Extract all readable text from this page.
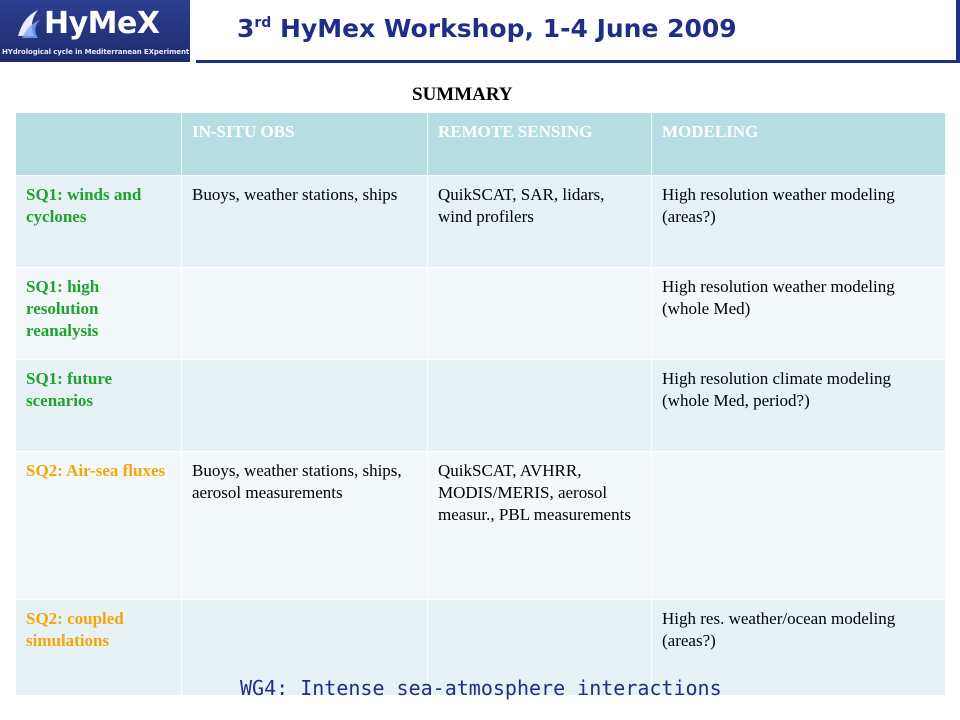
HyMeX
HYdrological cycle in Mediterranean EXperiment
3rd HyMex Workshop, 1-4 June 2009
SUMMARY
	IN-SITU OBS	REMOTE SENSING	MODELING
SQ1: winds and cyclones	Buoys, weather stations, ships	QuikSCAT, SAR, lidars, wind profilers	High resolution weather modeling
(areas?)
SQ1: high resolution reanalysis			High resolution weather modeling (whole Med)
SQ1: future scenarios			High resolution climate modeling
(whole Med, period?)
SQ2: Air-sea fluxes	Buoys, weather stations, ships, aerosol measurements	QuikSCAT, AVHRR, MODIS/MERIS, aerosol measur., PBL measurements	
SQ2: coupled simulations			High res. weather/ocean modeling (areas?)
WG4: Intense sea-atmosphere interactions
